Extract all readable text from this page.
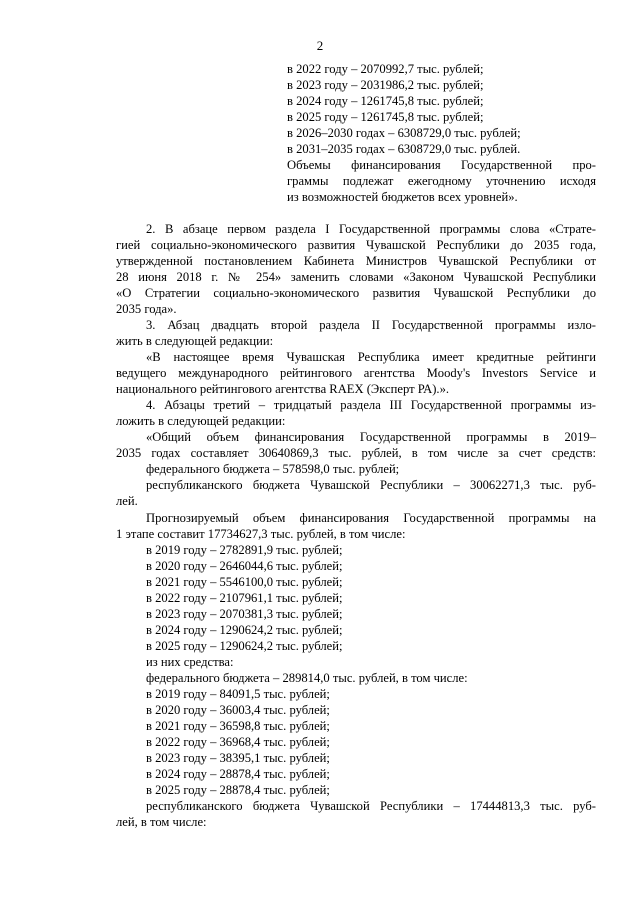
2
в 2022 году – 2070992,7 тыс. рублей;
в 2023 году – 2031986,2 тыс. рублей;
в 2024 году – 1261745,8 тыс. рублей;
в 2025 году – 1261745,8 тыс. рублей;
в 2026–2030 годах – 6308729,0 тыс. рублей;
в 2031–2035 годах – 6308729,0 тыс. рублей.
Объемы финансирования Государственной про-
граммы подлежат ежегодному уточнению исходя
из возможностей бюджетов всех уровней».
2. В абзаце первом раздела I Государственной программы слова «Страте-
гией социально-экономического развития Чувашской Республики до 2035 года,
утвержденной постановлением Кабинета Министров Чувашской Республики от
28 июня 2018 г. № 254» заменить словами «Законом Чувашской Республики
«О Стратегии социально-экономического развития Чувашской Республики до
2035 года».
3. Абзац двадцать второй раздела II Государственной программы изло-
жить в следующей редакции:
«В настоящее время Чувашская Республика имеет кредитные рейтинги
ведущего международного рейтингового агентства Moody's Investors Service и
национального рейтингового агентства RAEX (Эксперт РА).».
4. Абзацы третий – тридцатый раздела III Государственной программы из-
ложить в следующей редакции:
«Общий объем финансирования Государственной программы в 2019–
2035 годах составляет 30640869,3 тыс. рублей, в том числе за счет средств:
федерального бюджета – 578598,0 тыс. рублей;
республиканского бюджета Чувашской Республики – 30062271,3 тыс. руб-
лей.
Прогнозируемый объем финансирования Государственной программы на
1 этапе составит 17734627,3 тыс. рублей, в том числе:
в 2019 году – 2782891,9 тыс. рублей;
в 2020 году – 2646044,6 тыс. рублей;
в 2021 году – 5546100,0 тыс. рублей;
в 2022 году – 2107961,1 тыс. рублей;
в 2023 году – 2070381,3 тыс. рублей;
в 2024 году – 1290624,2 тыс. рублей;
в 2025 году – 1290624,2 тыс. рублей;
из них средства:
федерального бюджета – 289814,0 тыс. рублей, в том числе:
в 2019 году – 84091,5 тыс. рублей;
в 2020 году – 36003,4 тыс. рублей;
в 2021 году – 36598,8 тыс. рублей;
в 2022 году – 36968,4 тыс. рублей;
в 2023 году – 38395,1 тыс. рублей;
в 2024 году – 28878,4 тыс. рублей;
в 2025 году – 28878,4 тыс. рублей;
республиканского бюджета Чувашской Республики – 17444813,3 тыс. руб-
лей, в том числе:
